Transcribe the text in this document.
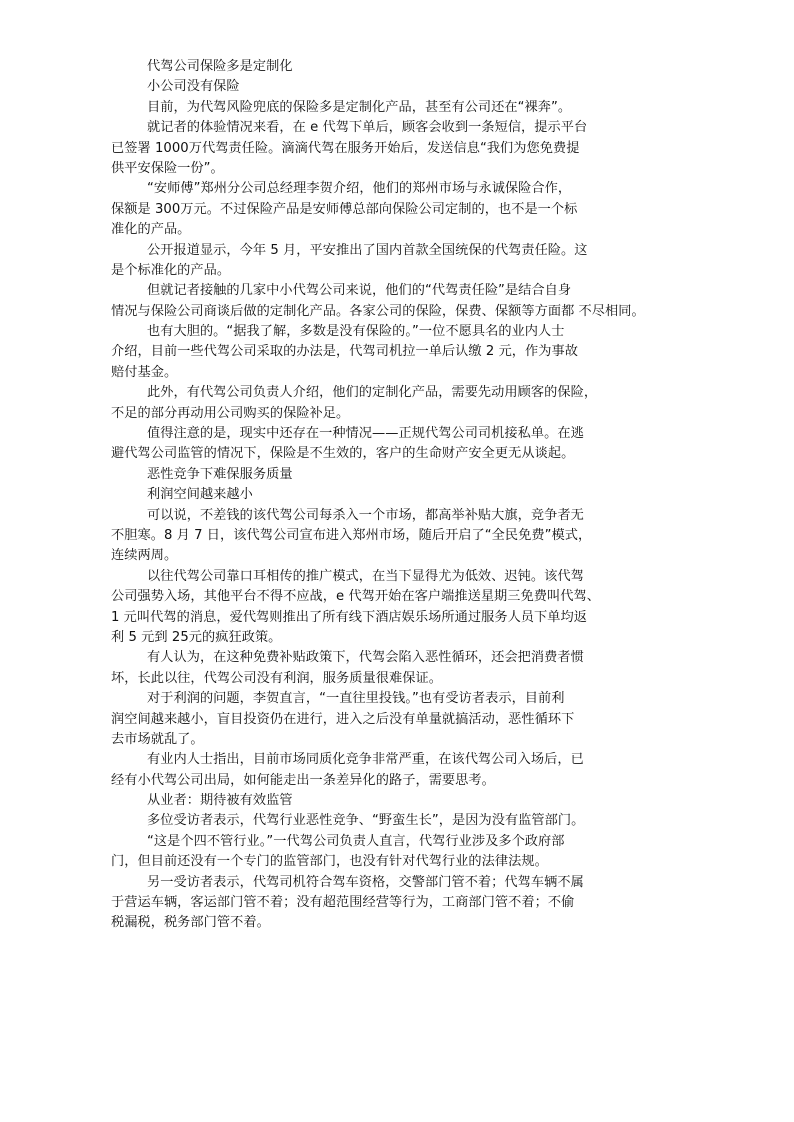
代驾公司保险多是定制化
小公司没有保险
目前，为代驾风险兜底的保险多是定制化产品，甚至有公司还在“裸奔”。
就记者的体验情况来看，在 e 代驾下单后，顾客会收到一条短信，提示平台
已签署 1000万代驾责任险。滴滴代驾在服务开始后，发送信息“我们为您免费提
供平安保险一份”。
“安师傅”郑州分公司总经理李贺介绍，他们的郑州市场与永诚保险合作，
保额是 300万元。不过保险产品是安师傅总部向保险公司定制的，也不是一个标
准化的产品。
公开报道显示，今年 5 月，平安推出了国内首款全国统保的代驾责任险。这
是个标准化的产品。
但就记者接触的几家中小代驾公司来说，他们的“代驾责任险”是结合自身
情况与保险公司商谈后做的定制化产品。各家公司的保险，保费、保额等方面都 不尽相同。
也有大胆的。“据我了解，多数是没有保险的。”一位不愿具名的业内人士
介绍，目前一些代驾公司采取的办法是，代驾司机拉一单后认缴 2 元，作为事故
赔付基金。
此外，有代驾公司负责人介绍，他们的定制化产品，需要先动用顾客的保险，
不足的部分再动用公司购买的保险补足。
值得注意的是，现实中还存在一种情况——正规代驾公司司机接私单。在逃
避代驾公司监管的情况下，保险是不生效的，客户的生命财产安全更无从谈起。
恶性竞争下难保服务质量
利润空间越来越小
可以说，不差钱的该代驾公司每杀入一个市场，都高举补贴大旗，竞争者无
不胆寒。8 月 7 日，该代驾公司宣布进入郑州市场，随后开启了“全民免费”模式，
连续两周。
以往代驾公司靠口耳相传的推广模式，在当下显得尤为低效、迟钝。该代驾
公司强势入场，其他平台不得不应战，e 代驾开始在客户端推送星期三免费叫代驾、
1 元叫代驾的消息，爱代驾则推出了所有线下酒店娱乐场所通过服务人员下单均返
利 5 元到 25元的疯狂政策。
有人认为，在这种免费补贴政策下，代驾会陷入恶性循环，还会把消费者惯
坏，长此以往，代驾公司没有利润，服务质量很难保证。
对于利润的问题，李贺直言，“一直往里投钱。”也有受访者表示，目前利
润空间越来越小，盲目投资仍在进行，进入之后没有单量就搞活动，恶性循环下
去市场就乱了。
有业内人士指出，目前市场同质化竞争非常严重，在该代驾公司入场后，已
经有小代驾公司出局，如何能走出一条差异化的路子，需要思考。
从业者：期待被有效监管
多位受访者表示，代驾行业恶性竞争、“野蛮生长”，是因为没有监管部门。
“这是个四不管行业。”一代驾公司负责人直言，代驾行业涉及多个政府部
门，但目前还没有一个专门的监管部门，也没有针对代驾行业的法律法规。
另一受访者表示，代驾司机符合驾车资格，交警部门管不着；代驾车辆不属
于营运车辆，客运部门管不着；没有超范围经营等行为，工商部门管不着；不偷
税漏税，税务部门管不着。
